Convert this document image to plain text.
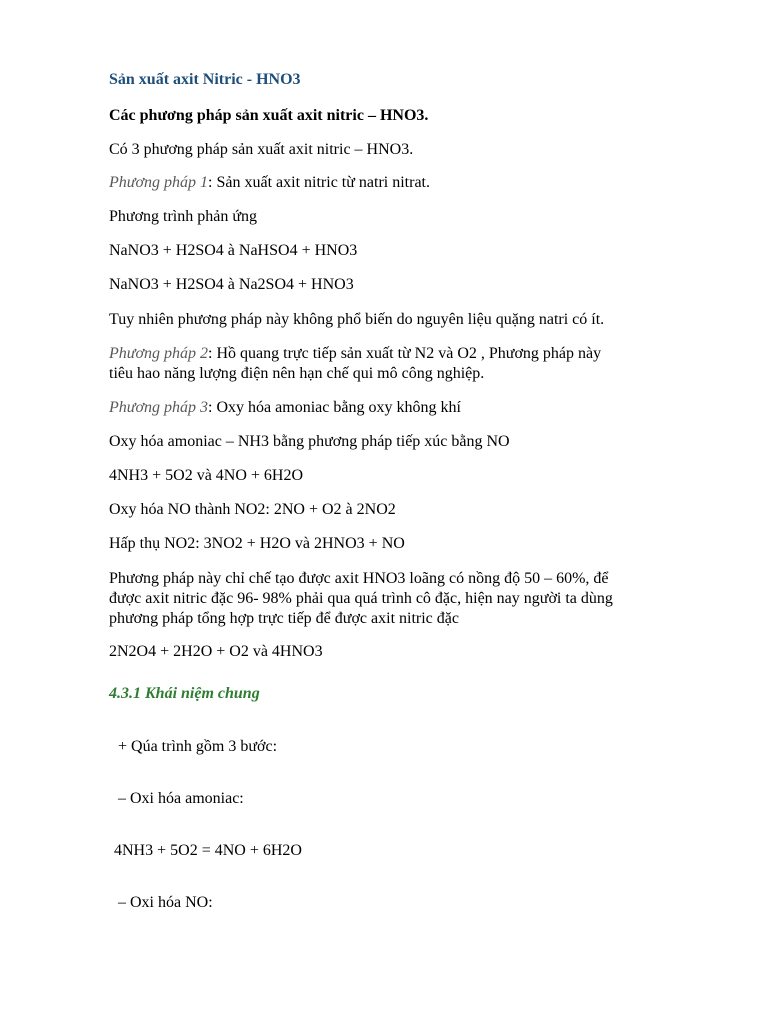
Sản xuất axit Nitric - HNO3

Các phương pháp sản xuất axit nitric – HNO3.

Có 3 phương pháp sản xuất axit nitric – HNO3.

Phương pháp 1: Sản xuất axit nitric từ natri nitrat.

Phương trình phản ứng

NaNO3 + H2SO4 à NaHSO4 + HNO3

NaNO3 + H2SO4 à Na2SO4 + HNO3

Tuy nhiên phương pháp này không phổ biến do nguyên liệu quặng natri có ít.

Phương pháp 2: Hồ quang trực tiếp sản xuất từ N2 và O2 , Phương pháp này

tiêu hao năng lượng điện nên hạn chế qui mô công nghiệp.

Phương pháp 3: Oxy hóa amoniac bằng oxy không khí

Oxy hóa amoniac – NH3 bằng phương pháp tiếp xúc bằng NO

4NH3 + 5O2 và 4NO + 6H2O

Oxy hóa NO thành NO2: 2NO + O2 à 2NO2

Hấp thụ NO2: 3NO2 + H2O và 2HNO3 + NO

Phương pháp này chỉ chế tạo được axit HNO3 loãng có nồng độ 50 – 60%, để

được axit nitric đặc 96- 98% phải qua quá trình cô đặc, hiện nay người ta dùng

phương pháp tổng hợp trực tiếp để được axit nitric đặc

2N2O4 + 2H2O + O2 và 4HNO3

4.3.1 Khái niệm chung

+ Qúa trình gồm 3 bước:

– Oxi hóa amoniac:

4NH3 + 5O2 = 4NO + 6H2O

– Oxi hóa NO:
